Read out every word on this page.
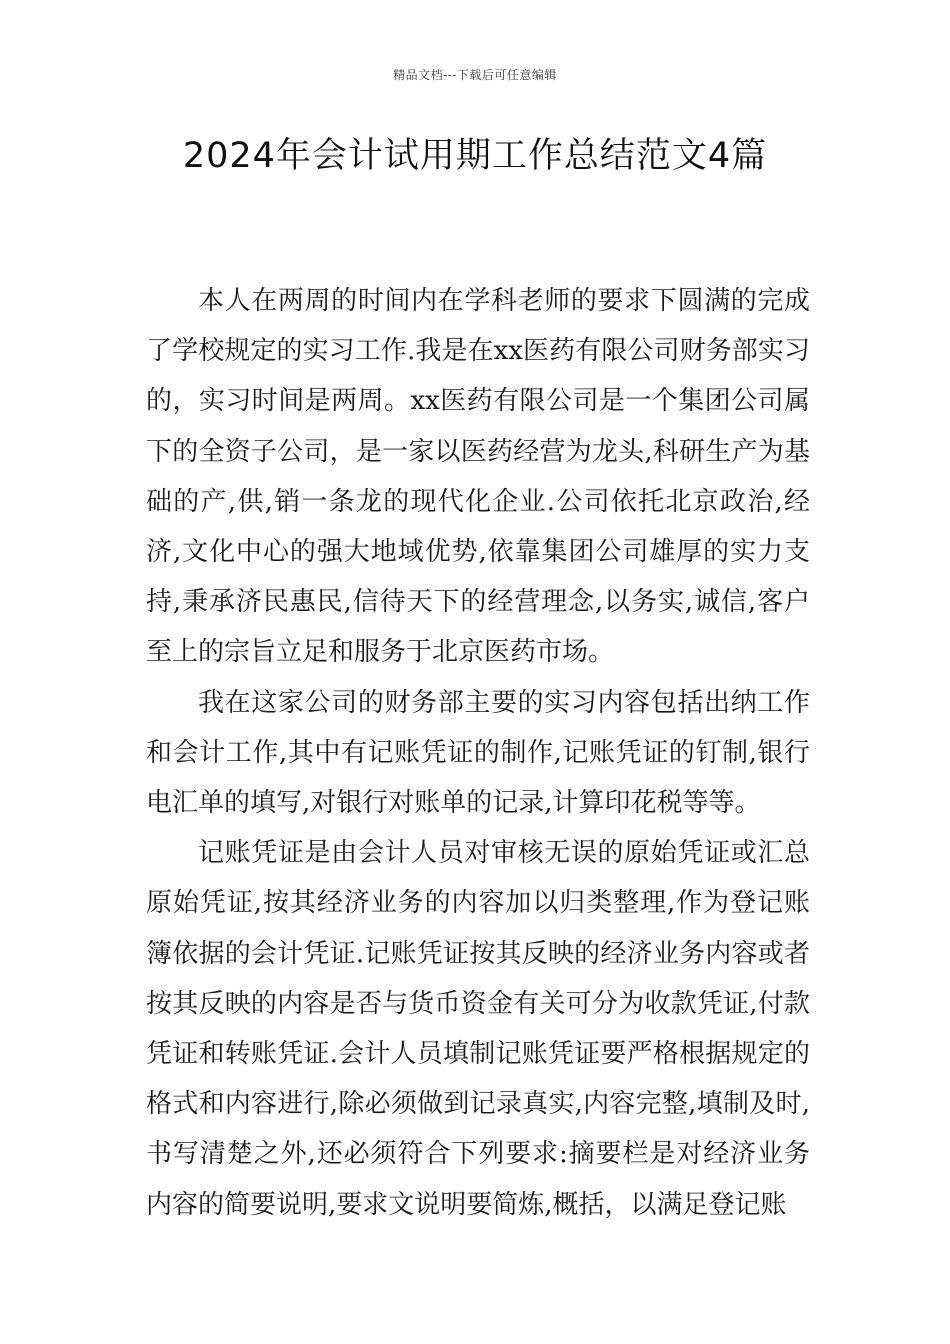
精品文档---下载后可任意编辑
2024年会计试用期工作总结范文4篇

本人在两周的时间内在学科老师的要求下圆满的完成了学校规定的实习工作.我是在xx医药有限公司财务部实习的，实习时间是两周。xx医药有限公司是一个集团公司属下的全资子公司，是一家以医药经营为龙头,科研生产为基础的产,供,销一条龙的现代化企业.公司依托北京政治,经济,文化中心的强大地域优势,依靠集团公司雄厚的实力支持,秉承济民惠民,信待天下的经营理念,以务实,诚信,客户至上的宗旨立足和服务于北京医药市场。

我在这家公司的财务部主要的实习内容包括出纳工作和会计工作,其中有记账凭证的制作,记账凭证的钉制,银行电汇单的填写,对银行对账单的记录,计算印花税等等。

记账凭证是由会计人员对审核无误的原始凭证或汇总原始凭证,按其经济业务的内容加以归类整理,作为登记账簿依据的会计凭证.记账凭证按其反映的经济业务内容或者按其反映的内容是否与货币资金有关可分为收款凭证,付款凭证和转账凭证.会计人员填制记账凭证要严格根据规定的格式和内容进行,除必须做到记录真实,内容完整,填制及时,书写清楚之外,还必须符合下列要求:摘要栏是对经济业务内容的简要说明,要求文说明要简炼,概括，以满足登记账
